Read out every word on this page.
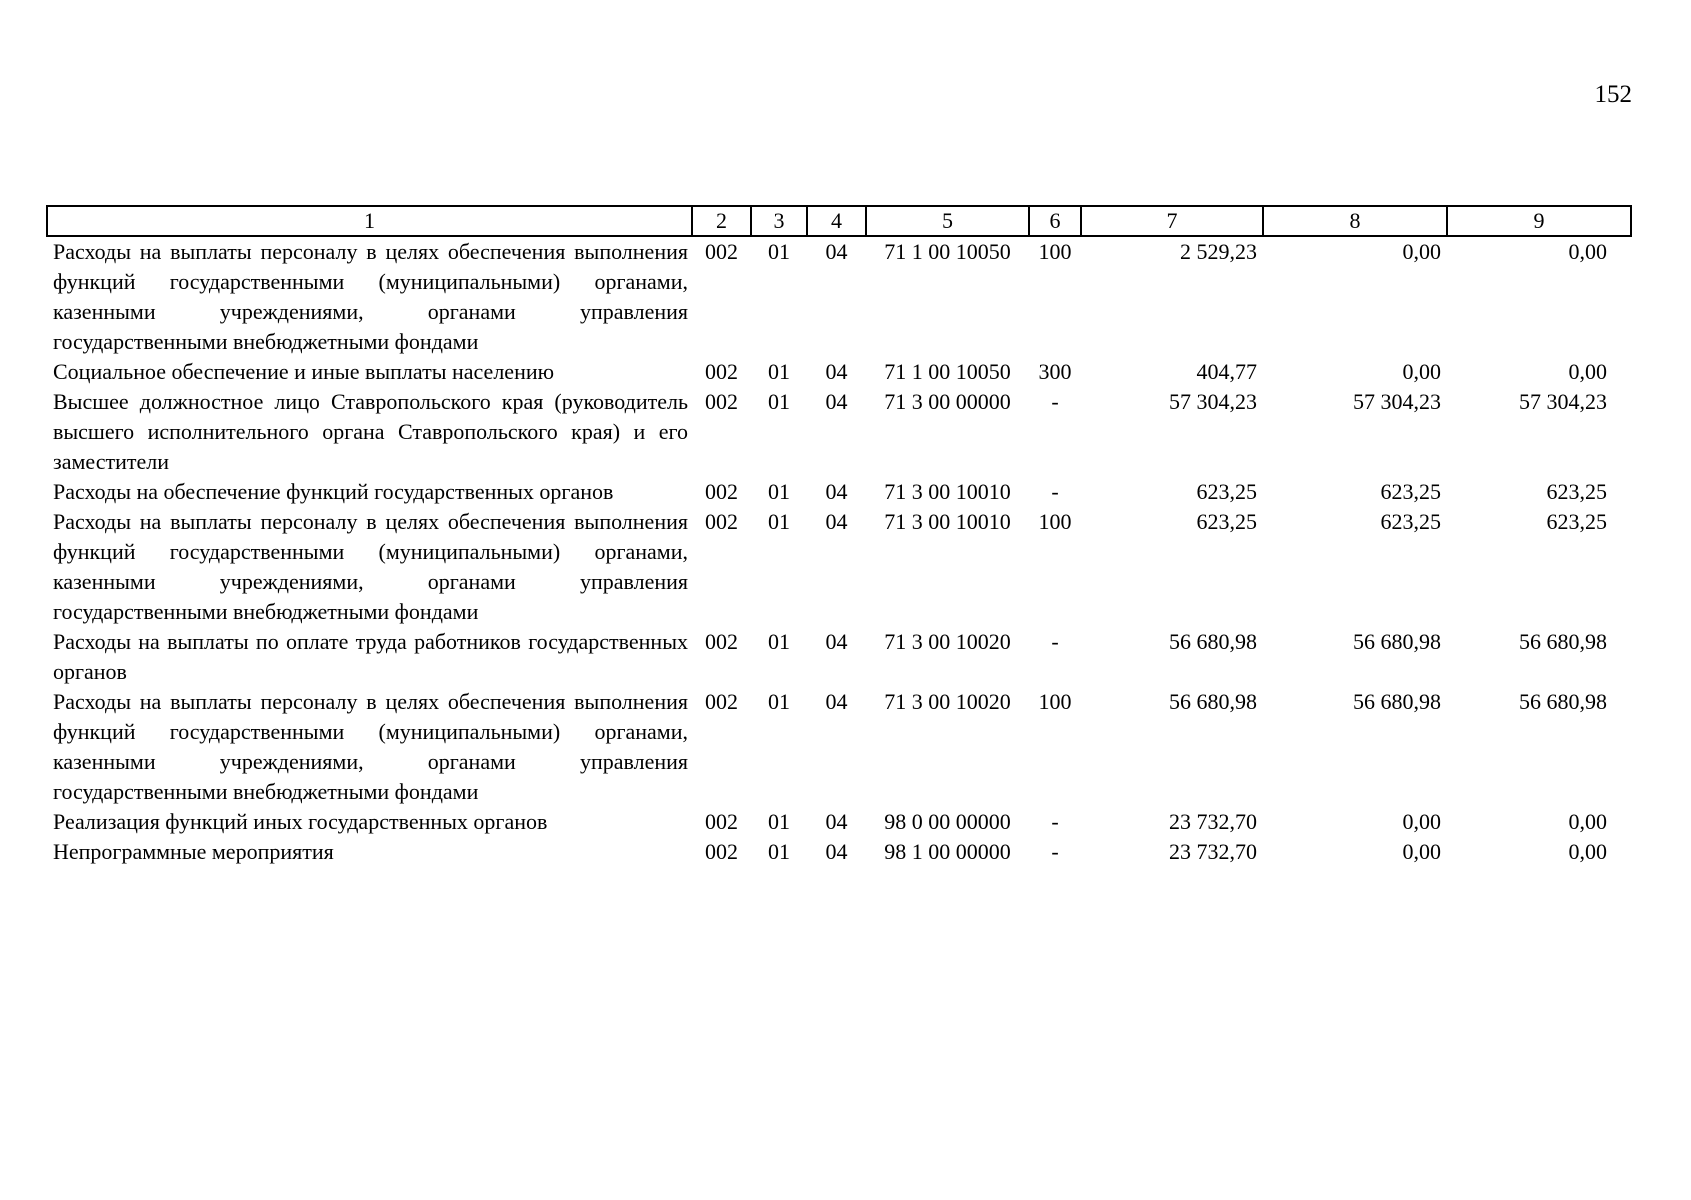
152
1	2	3	4	5	6	7	8	9
Расходы на выплаты персоналу в целях обеспечения выполнения функций государственными (муниципальными) органами, казенными учреждениями, органами управления государственными внебюджетными фондами	002	01	04	71 1 00 10050	100	2 529,23	0,00	0,00
Социальное обеспечение и иные выплаты населению	002	01	04	71 1 00 10050	300	404,77	0,00	0,00
Высшее должностное лицо Ставропольского края (руководитель высшего исполнительного органа Ставропольского края) и его заместители	002	01	04	71 3 00 00000	-	57 304,23	57 304,23	57 304,23
Расходы на обеспечение функций государственных органов	002	01	04	71 3 00 10010	-	623,25	623,25	623,25
Расходы на выплаты персоналу в целях обеспечения выполнения функций государственными (муниципальными) органами, казенными учреждениями, органами управления государственными внебюджетными фондами	002	01	04	71 3 00 10010	100	623,25	623,25	623,25
Расходы на выплаты по оплате труда работников государственных органов	002	01	04	71 3 00 10020	-	56 680,98	56 680,98	56 680,98
Расходы на выплаты персоналу в целях обеспечения выполнения функций государственными (муниципальными) органами, казенными учреждениями, органами управления государственными внебюджетными фондами	002	01	04	71 3 00 10020	100	56 680,98	56 680,98	56 680,98
Реализация функций иных государственных органов	002	01	04	98 0 00 00000	-	23 732,70	0,00	0,00
Непрограммные мероприятия	002	01	04	98 1 00 00000	-	23 732,70	0,00	0,00
